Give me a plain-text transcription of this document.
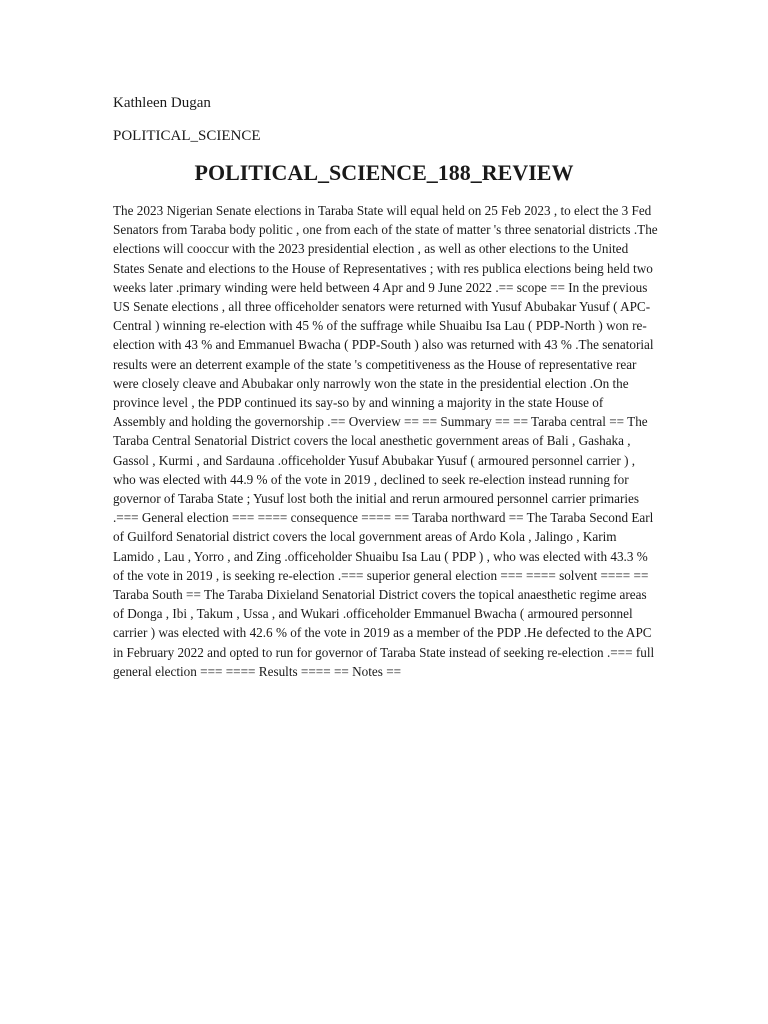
Kathleen Dugan
POLITICAL_SCIENCE
POLITICAL_SCIENCE_188_REVIEW

The 2023 Nigerian Senate elections in Taraba State will equal held on 25 Feb 2023 , to elect the 3 Fed Senators from Taraba body politic , one from each of the state of matter 's three senatorial districts .The elections will cooccur with the 2023 presidential election , as well as other elections to the United States Senate and elections to the House of Representatives ; with res publica elections being held two weeks later .primary winding were held between 4 Apr and 9 June 2022 .== scope == In the previous US Senate elections , all three officeholder senators were returned with Yusuf Abubakar Yusuf ( APC-Central ) winning re-election with 45 % of the suffrage while Shuaibu Isa Lau ( PDP-North ) won re-election with 43 % and Emmanuel Bwacha ( PDP-South ) also was returned with 43 % .The senatorial results were an deterrent example of the state 's competitiveness as the House of representative rear were closely cleave and Abubakar only narrowly won the state in the presidential election .On the province level , the PDP continued its say-so by and winning a majority in the state House of Assembly and holding the governorship .== Overview == == Summary == == Taraba central == The Taraba Central Senatorial District covers the local anesthetic government areas of Bali , Gashaka , Gassol , Kurmi , and Sardauna .officeholder Yusuf Abubakar Yusuf ( armoured personnel carrier ) , who was elected with 44.9 % of the vote in 2019 , declined to seek re-election instead running for governor of Taraba State ; Yusuf lost both the initial and rerun armoured personnel carrier primaries .=== General election === ==== consequence ==== == Taraba northward == The Taraba Second Earl of Guilford Senatorial district covers the local government areas of Ardo Kola , Jalingo , Karim Lamido , Lau , Yorro , and Zing .officeholder Shuaibu Isa Lau ( PDP ) , who was elected with 43.3 % of the vote in 2019 , is seeking re-election .=== superior general election === ==== solvent ==== == Taraba South == The Taraba Dixieland Senatorial District covers the topical anaesthetic regime areas of Donga , Ibi , Takum , Ussa , and Wukari .officeholder Emmanuel Bwacha ( armoured personnel carrier ) was elected with 42.6 % of the vote in 2019 as a member of the PDP .He defected to the APC in February 2022 and opted to run for governor of Taraba State instead of seeking re-election .=== full general election === ==== Results ==== == Notes ==
